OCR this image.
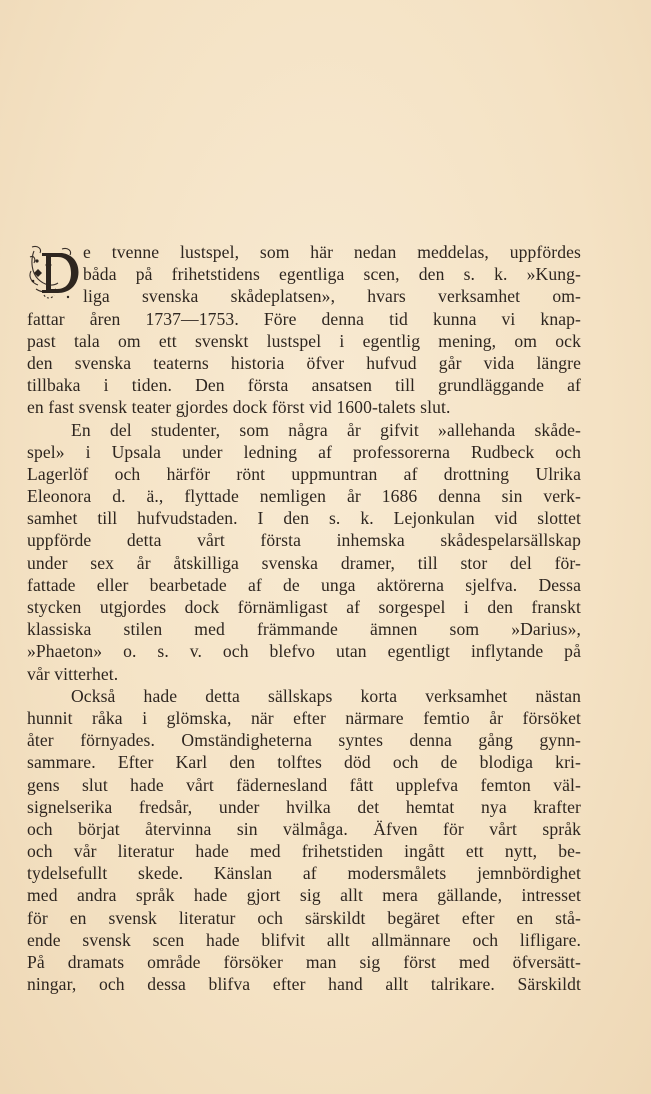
e tvenne lustspel, som här nedan meddelas, uppfördes
båda på frihetstidens egentliga scen, den s. k. »Kung-
liga svenska skådeplatsen», hvars verksamhet om-
fattar åren 1737—1753. Före denna tid kunna vi knap-
past tala om ett svenskt lustspel i egentlig mening, om ock
den svenska teaterns historia öfver hufvud går vida längre
tillbaka i tiden. Den första ansatsen till grundläggande af
en fast svensk teater gjordes dock först vid 1600-talets slut.
En del studenter, som några år gifvit »allehanda skåde-
spel» i Upsala under ledning af professorerna Rudbeck och
Lagerlöf och härför rönt uppmuntran af drottning Ulrika
Eleonora d. ä., flyttade nemligen år 1686 denna sin verk-
samhet till hufvudstaden. I den s. k. Lejonkulan vid slottet
uppförde detta vårt första inhemska skådespelarsällskap
under sex år åtskilliga svenska dramer, till stor del för-
fattade eller bearbetade af de unga aktörerna sjelfva. Dessa
stycken utgjordes dock förnämligast af sorgespel i den franskt
klassiska stilen med främmande ämnen som »Darius»,
»Phaeton» o. s. v. och blefvo utan egentligt inflytande på
vår vitterhet.
Också hade detta sällskaps korta verksamhet nästan
hunnit råka i glömska, när efter närmare femtio år försöket
åter förnyades. Omständigheterna syntes denna gång gynn-
sammare. Efter Karl den tolftes död och de blodiga kri-
gens slut hade vårt fädernesland fått upplefva femton väl-
signelserika fredsår, under hvilka det hemtat nya krafter
och börjat återvinna sin välmåga. Äfven för vårt språk
och vår literatur hade med frihetstiden ingått ett nytt, be-
tydelsefullt skede. Känslan af modersmålets jemnbördighet
med andra språk hade gjort sig allt mera gällande, intresset
för en svensk literatur och särskildt begäret efter en stå-
ende svensk scen hade blifvit allt allmännare och lifligare.
På dramats område försöker man sig först med öfversätt-
ningar, och dessa blifva efter hand allt talrikare. Särskildt
